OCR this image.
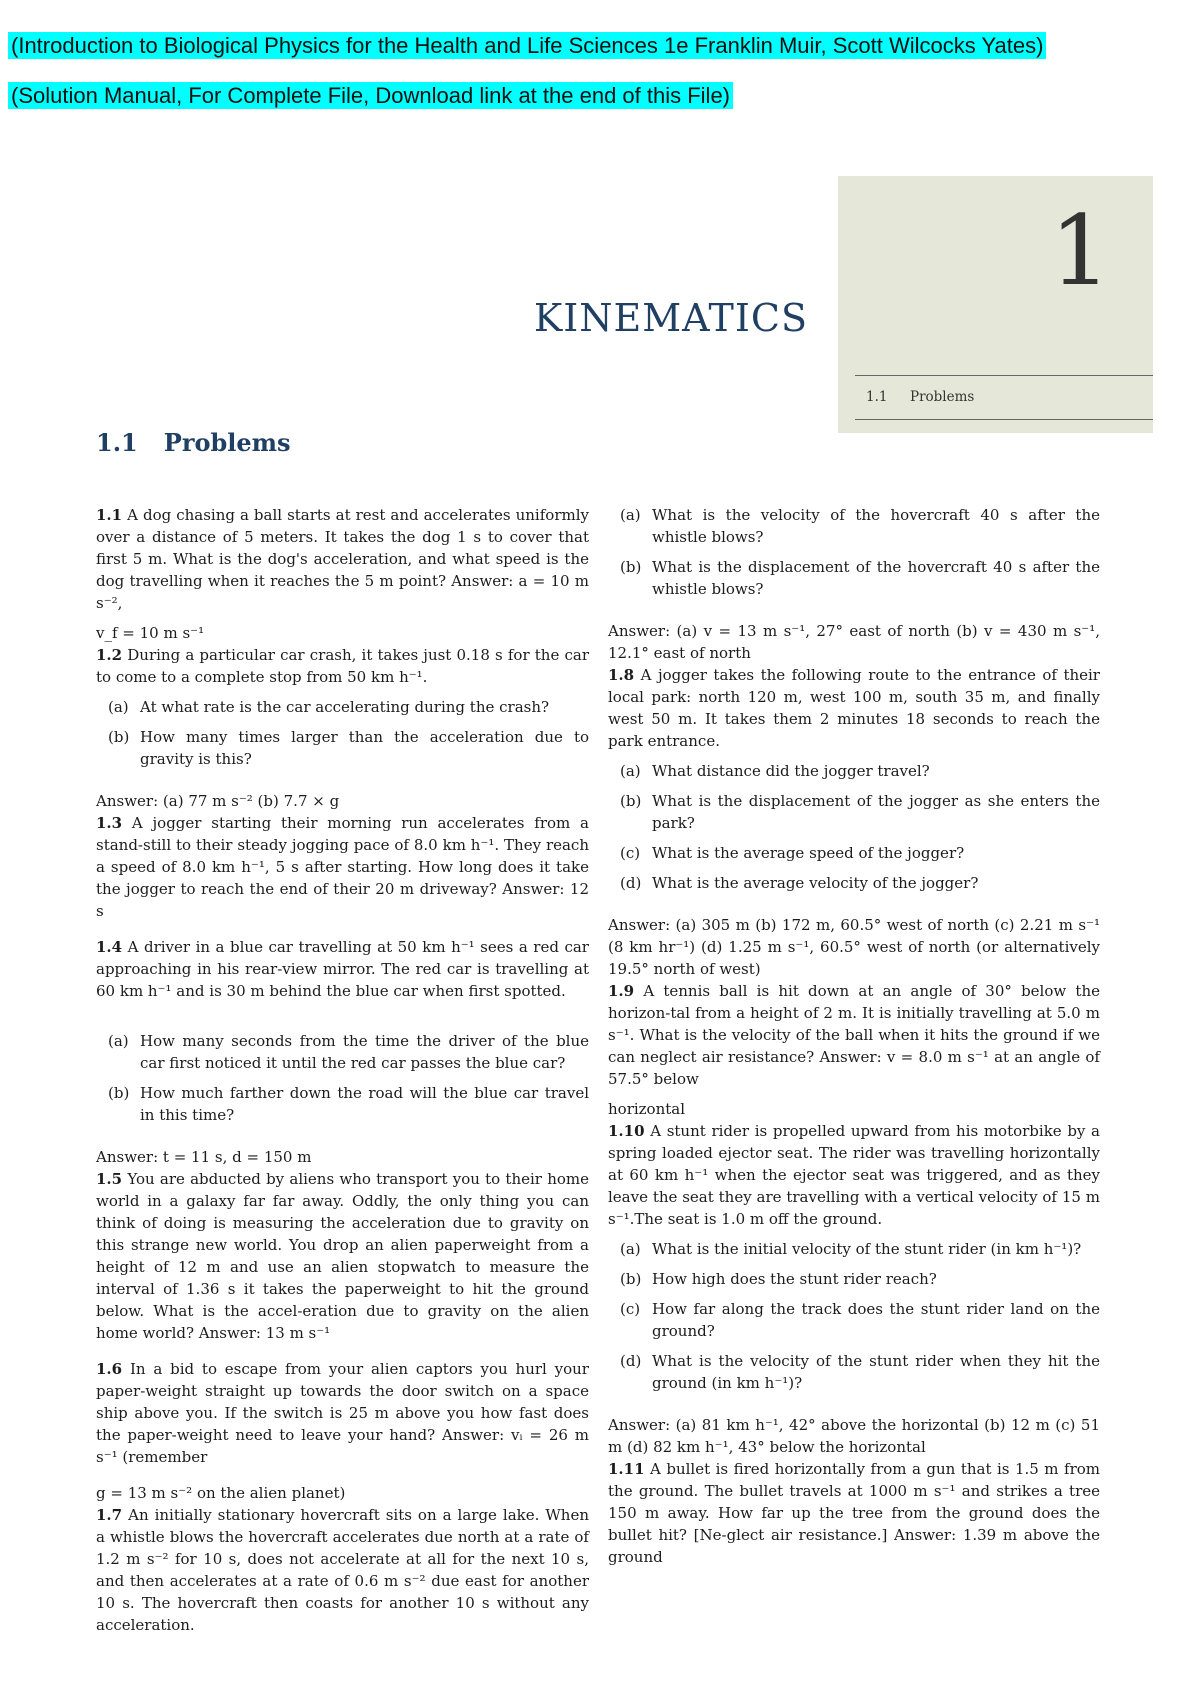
(Introduction to Biological Physics for the Health and Life Sciences 1e Franklin Muir, Scott Wilcocks Yates)
(Solution Manual, For Complete File, Download link at the end of this File)
1
1.1 Problems
KINEMATICS
1.1 Problems

1.1 A dog chasing a ball starts at rest and accelerates uniformly over a distance of 5 meters. It takes the dog 1 s to cover that first 5 m. What is the dog's acceleration, and what speed is the dog travelling when it reaches the 5 m point? Answer: a = 10 m s⁻²,

v_f = 10 m s⁻¹

1.2 During a particular car crash, it takes just 0.18 s for the car to come to a complete stop from 50 km h⁻¹.

(a) At what rate is the car accelerating during the crash?

(b) How many times larger than the acceleration due to gravity is this?

Answer: (a) 77 m s⁻² (b) 7.7 × g

1.3 A jogger starting their morning run accelerates from a stand-still to their steady jogging pace of 8.0 km h⁻¹. They reach a speed of 8.0 km h⁻¹, 5 s after starting. How long does it take the jogger to reach the end of their 20 m driveway? Answer: 12 s

1.4 A driver in a blue car travelling at 50 km h⁻¹ sees a red car approaching in his rear-view mirror. The red car is travelling at 60 km h⁻¹ and is 30 m behind the blue car when first spotted.

(a) How many seconds from the time the driver of the blue car first noticed it until the red car passes the blue car?

(b) How much farther down the road will the blue car travel in this time?

Answer: t = 11 s, d = 150 m

1.5 You are abducted by aliens who transport you to their home world in a galaxy far far away. Oddly, the only thing you can think of doing is measuring the acceleration due to gravity on this strange new world. You drop an alien paperweight from a height of 12 m and use an alien stopwatch to measure the interval of 1.36 s it takes the paperweight to hit the ground below. What is the accel-eration due to gravity on the alien home world? Answer: 13 m s⁻¹

1.6 In a bid to escape from your alien captors you hurl your paper-weight straight up towards the door switch on a space ship above you. If the switch is 25 m above you how fast does the paper-weight need to leave your hand? Answer: vᵢ = 26 m s⁻¹ (remember

g = 13 m s⁻² on the alien planet)

1.7 An initially stationary hovercraft sits on a large lake. When a whistle blows the hovercraft accelerates due north at a rate of 1.2 m s⁻² for 10 s, does not accelerate at all for the next 10 s, and then accelerates at a rate of 0.6 m s⁻² due east for another 10 s. The hovercraft then coasts for another 10 s without any acceleration.

(a) What is the velocity of the hovercraft 40 s after the whistle blows?

(b) What is the displacement of the hovercraft 40 s after the whistle blows?

Answer: (a) v = 13 m s⁻¹, 27° east of north (b) v = 430 m s⁻¹, 12.1° east of north

1.8 A jogger takes the following route to the entrance of their local park: north 120 m, west 100 m, south 35 m, and finally west 50 m. It takes them 2 minutes 18 seconds to reach the park entrance.

(a) What distance did the jogger travel?

(b) What is the displacement of the jogger as she enters the park?

(c) What is the average speed of the jogger?

(d) What is the average velocity of the jogger?

Answer: (a) 305 m (b) 172 m, 60.5° west of north (c) 2.21 m s⁻¹ (8 km hr⁻¹) (d) 1.25 m s⁻¹, 60.5° west of north (or alternatively 19.5° north of west)

1.9 A tennis ball is hit down at an angle of 30° below the horizon-tal from a height of 2 m. It is initially travelling at 5.0 m s⁻¹. What is the velocity of the ball when it hits the ground if we can neglect air resistance? Answer: v = 8.0 m s⁻¹ at an angle of 57.5° below

horizontal

1.10 A stunt rider is propelled upward from his motorbike by a spring loaded ejector seat. The rider was travelling horizontally at 60 km h⁻¹ when the ejector seat was triggered, and as they leave the seat they are travelling with a vertical velocity of 15 m s⁻¹.The seat is 1.0 m off the ground.

(a) What is the initial velocity of the stunt rider (in km h⁻¹)?

(b) How high does the stunt rider reach?

(c) How far along the track does the stunt rider land on the ground?

(d) What is the velocity of the stunt rider when they hit the ground (in km h⁻¹)?

Answer: (a) 81 km h⁻¹, 42° above the horizontal (b) 12 m (c) 51 m (d) 82 km h⁻¹, 43° below the horizontal

1.11 A bullet is fired horizontally from a gun that is 1.5 m from the ground. The bullet travels at 1000 m s⁻¹ and strikes a tree 150 m away. How far up the tree from the ground does the bullet hit? [Ne-glect air resistance.] Answer: 1.39 m above the ground
